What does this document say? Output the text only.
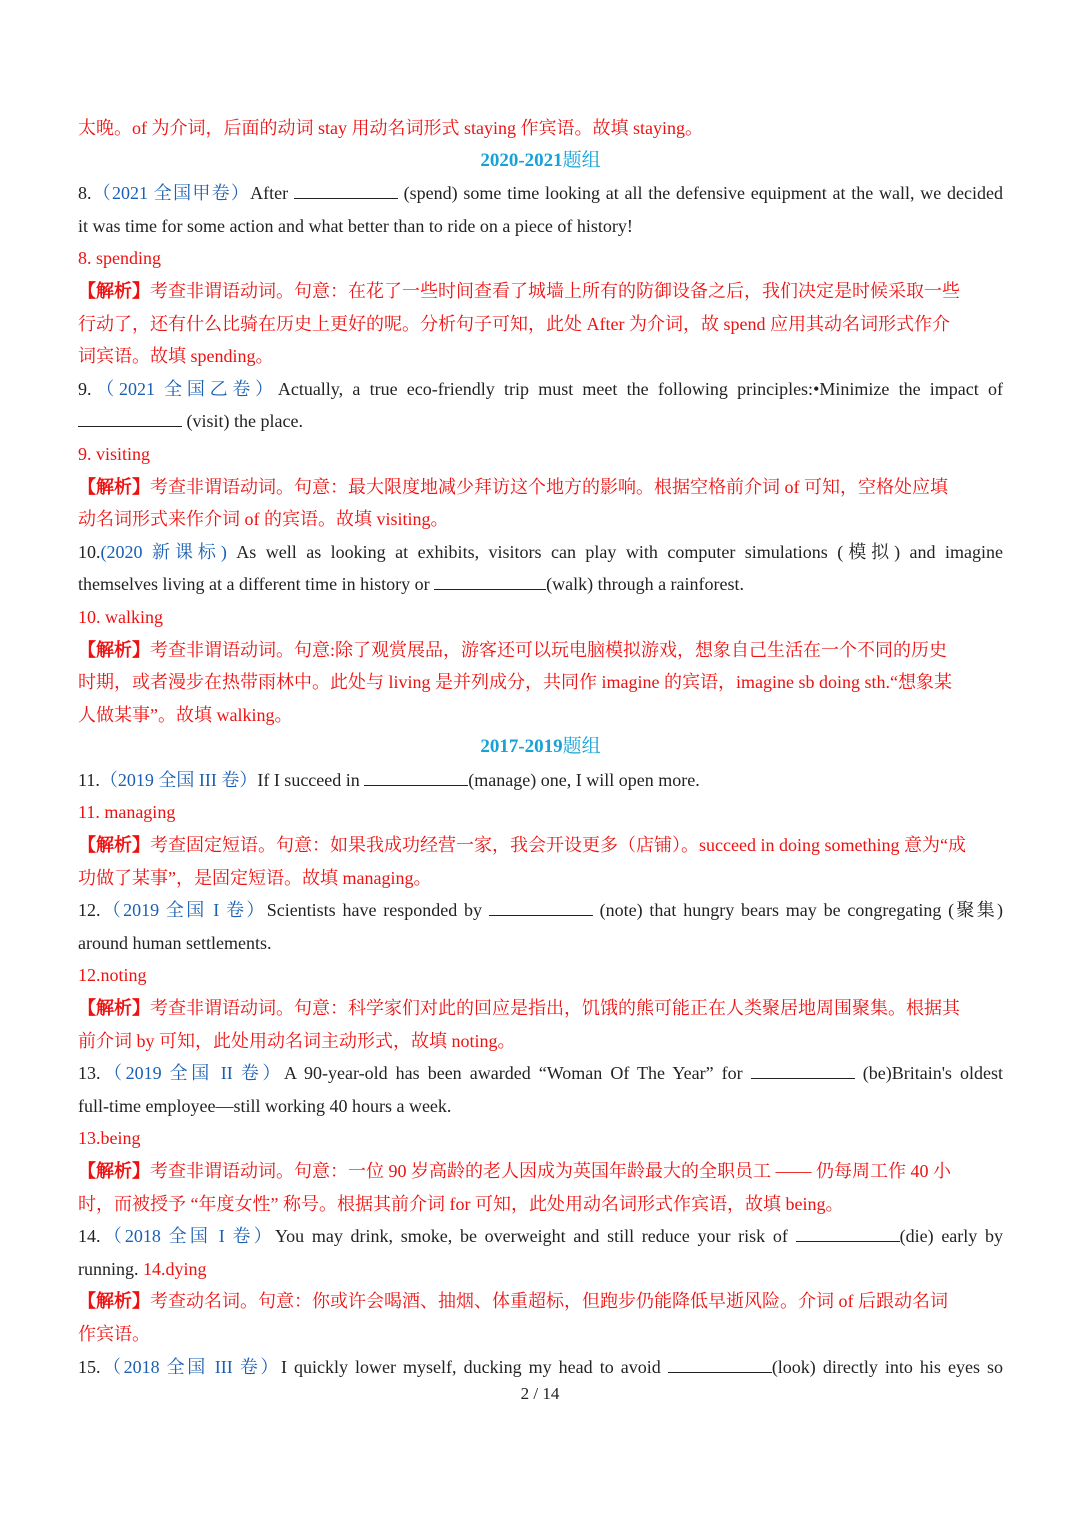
太晚。of 为介词，后面的动词 stay 用动名词形式 staying 作宾语。故填 staying。
2020-2021题组
8.（2021 全国甲卷）After	(spend) some time looking at all the defensive equipment at the wall, we decided
it was time for some action and what better than to ride on a piece of history!
8. spending
【解析】考查非谓语动词。句意：在花了一些时间查看了城墙上所有的防御设备之后，我们决定是时候采取一些
行动了，还有什么比骑在历史上更好的呢。分析句子可知，此处 After 为介词，故 spend 应用其动名词形式作介
词宾语。故填 spending。
9.（2021 全国乙卷）Actually, a true eco-friendly trip must meet the following principles:•Minimize the impact of
(visit) the place.
9. visiting
【解析】考查非谓语动词。句意：最大限度地减少拜访这个地方的影响。根据空格前介词 of 可知，空格处应填
动名词形式来作介词 of 的宾语。故填 visiting。
10.(2020 新课标) As well as looking at exhibits, visitors can play with computer simulations (模拟) and imagine
themselves living at a different time in history or	(walk) through a rainforest.
10. walking
【解析】考查非谓语动词。句意:除了观赏展品，游客还可以玩电脑模拟游戏，想象自己生活在一个不同的历史
时期，或者漫步在热带雨林中。此处与 living 是并列成分，共同作 imagine 的宾语，imagine sb doing sth.“想象某
人做某事”。故填 walking。
2017-2019题组
11.（2019 全国 III 卷）If I succeed in	(manage) one, I will open more.
11. managing
【解析】考查固定短语。句意：如果我成功经营一家，我会开设更多（店铺）。succeed in doing something 意为“成
功做了某事”，是固定短语。故填 managing。
12.（2019 全国 I 卷）Scientists have responded by	(note) that hungry bears may be congregating (聚集)
around human settlements.
12.noting
【解析】考查非谓语动词。句意：科学家们对此的回应是指出，饥饿的熊可能正在人类聚居地周围聚集。根据其
前介词 by 可知，此处用动名词主动形式，故填 noting。
13.（2019 全国 II 卷）A 90-year-old has been awarded “Woman Of The Year” for	(be)Britain's oldest
full-time employee—still working 40 hours a week.
13.being
【解析】考查非谓语动词。句意：一位 90 岁高龄的老人因成为英国年龄最大的全职员工 —— 仍每周工作 40 小
时，而被授予 “年度女性” 称号。根据其前介词 for 可知，此处用动名词形式作宾语，故填 being。
14.（2018 全国 I 卷）You may drink, smoke, be overweight and still reduce your risk of	(die) early by
running. 14.dying
【解析】考查动名词。句意：你或许会喝酒、抽烟、体重超标，但跑步仍能降低早逝风险。介词 of 后跟动名词
作宾语。
15.（2018 全国 III 卷）I quickly lower myself, ducking my head to avoid	(look) directly into his eyes so
2 / 14
